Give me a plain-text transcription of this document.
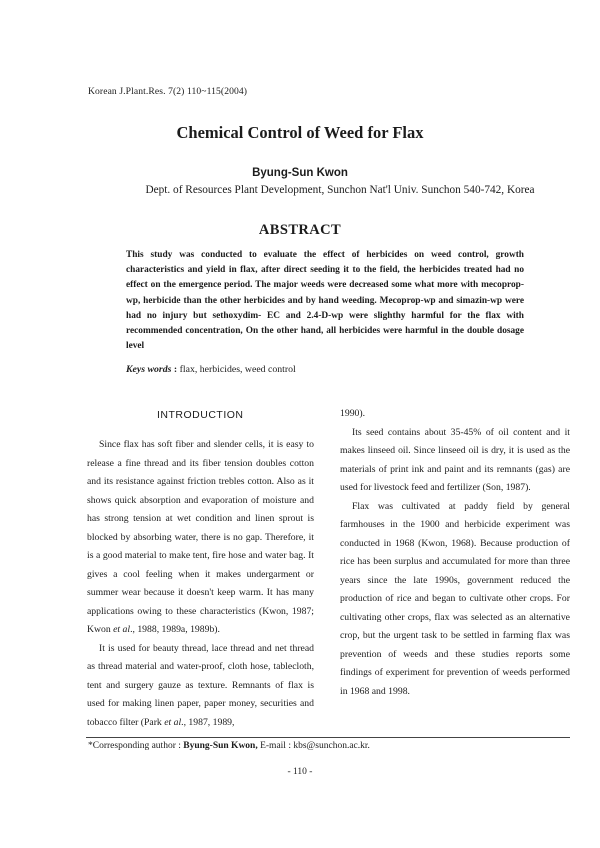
Korean J.Plant.Res. 7(2) 110~115(2004)
Chemical Control of Weed for Flax
Byung-Sun Kwon
Dept. of Resources Plant Development, Sunchon Nat'l Univ. Sunchon 540-742, Korea
ABSTRACT
This study was conducted to evaluate the effect of herbicides on weed control, growth characteristics and yield in flax, after direct seeding it to the field, the herbicides treated had no effect on the emergence period. The major weeds were decreased some what more with mecoprop-wp, herbicide than the other herbicides and by hand weeding. Mecoprop-wp and simazin-wp were had no injury but sethoxydim- EC and 2.4-D-wp were slighthy harmful for the flax with recommended concentration, On the other hand, all herbicides were harmful in the double dosage level
Keys words : flax, herbicides, weed control
INTRODUCTION

Since flax has soft fiber and slender cells, it is easy to release a fine thread and its fiber tension doubles cotton and its resistance against friction trebles cotton. Also as it shows quick absorption and evaporation of moisture and has strong tension at wet condition and linen sprout is blocked by absorbing water, there is no gap. Therefore, it is a good material to make tent, fire hose and water bag. It gives a cool feeling when it makes undergarment or summer wear because it doesn't keep warm. It has many applications owing to these characteristics (Kwon, 1987; Kwon et al., 1988, 1989a, 1989b).

It is used for beauty thread, lace thread and net thread as thread material and water-proof, cloth hose, tablecloth, tent and surgery gauze as texture. Remnants of flax is used for making linen paper, paper money, securities and tobacco filter (Park et al., 1987, 1989,

1990).

Its seed contains about 35-45% of oil content and it makes linseed oil. Since linseed oil is dry, it is used as the materials of print ink and paint and its remnants (gas) are used for livestock feed and fertilizer (Son, 1987).

Flax was cultivated at paddy field by general farmhouses in the 1900 and herbicide experiment was conducted in 1968 (Kwon, 1968). Because production of rice has been surplus and accumulated for more than three years since the late 1990s, government reduced the production of rice and began to cultivate other crops. For cultivating other crops, flax was selected as an alternative crop, but the urgent task to be settled in farming flax was prevention of weeds and these studies reports some findings of experiment for prevention of weeds performed in 1968 and 1998.

*Corresponding author : Byung-Sun Kwon, E-mail : kbs@sunchon.ac.kr.
- 110 -
